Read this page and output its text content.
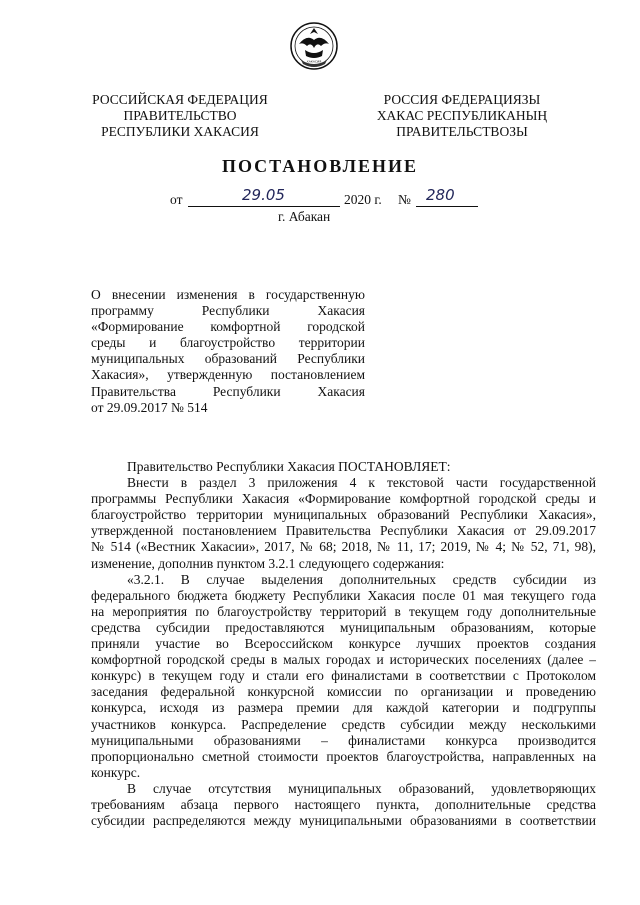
ХАКАСИЯ
РОССИЙСКАЯ ФЕДЕРАЦИЯ
ПРАВИТЕЛЬСТВО
РЕСПУБЛИКИ ХАКАСИЯ
РОССИЯ ФЕДЕРАЦИЯЗЫ
ХАКАС РЕСПУБЛИКАНЫҢ
ПРАВИТЕЛЬСТВОЗЫ
ПОСТАНОВЛЕНИЕ
от	29.05	2020 г. № 280
г. Абакан
О внесении изменения в государственную
программу Республики Хакасия
«Формирование комфортной городской
среды и благоустройство территории
муниципальных образований Республики
Хакасия», утвержденную постановлением
Правительства Республики Хакасия
от 29.09.2017 № 514
Правительство Республики Хакасия ПОСТАНОВЛЯЕТ:
Внести в раздел 3 приложения 4 к текстовой части государственной
программы Республики Хакасия «Формирование комфортной городской среды и
благоустройство территории муниципальных образований Республики Хакасия»,
утвержденной постановлением Правительства Республики Хакасия от 29.09.2017
№ 514 («Вестник Хакасии», 2017, № 68; 2018, № 11, 17; 2019, № 4; № 52, 71, 98),
изменение, дополнив пунктом 3.2.1 следующего содержания:
«3.2.1. В случае выделения дополнительных средств субсидии из
федерального бюджета бюджету Республики Хакасия после 01 мая текущего года
на мероприятия по благоустройству территорий в текущем году дополнительные
средства субсидии предоставляются муниципальным образованиям, которые
приняли участие во Всероссийском конкурсе лучших проектов создания
комфортной городской среды в малых городах и исторических поселениях (далее –
конкурс) в текущем году и стали его финалистами в соответствии с Протоколом
заседания федеральной конкурсной комиссии по организации и проведению
конкурса, исходя из размера премии для каждой категории и подгруппы
участников конкурса. Распределение средств субсидии между несколькими
муниципальными образованиями – финалистами конкурса производится
пропорционально сметной стоимости проектов благоустройства, направленных на
конкурс.
В случае отсутствия муниципальных образований, удовлетворяющих
требованиям абзаца первого настоящего пункта, дополнительные средства
субсидии распределяются между муниципальными образованиями в соответствии
